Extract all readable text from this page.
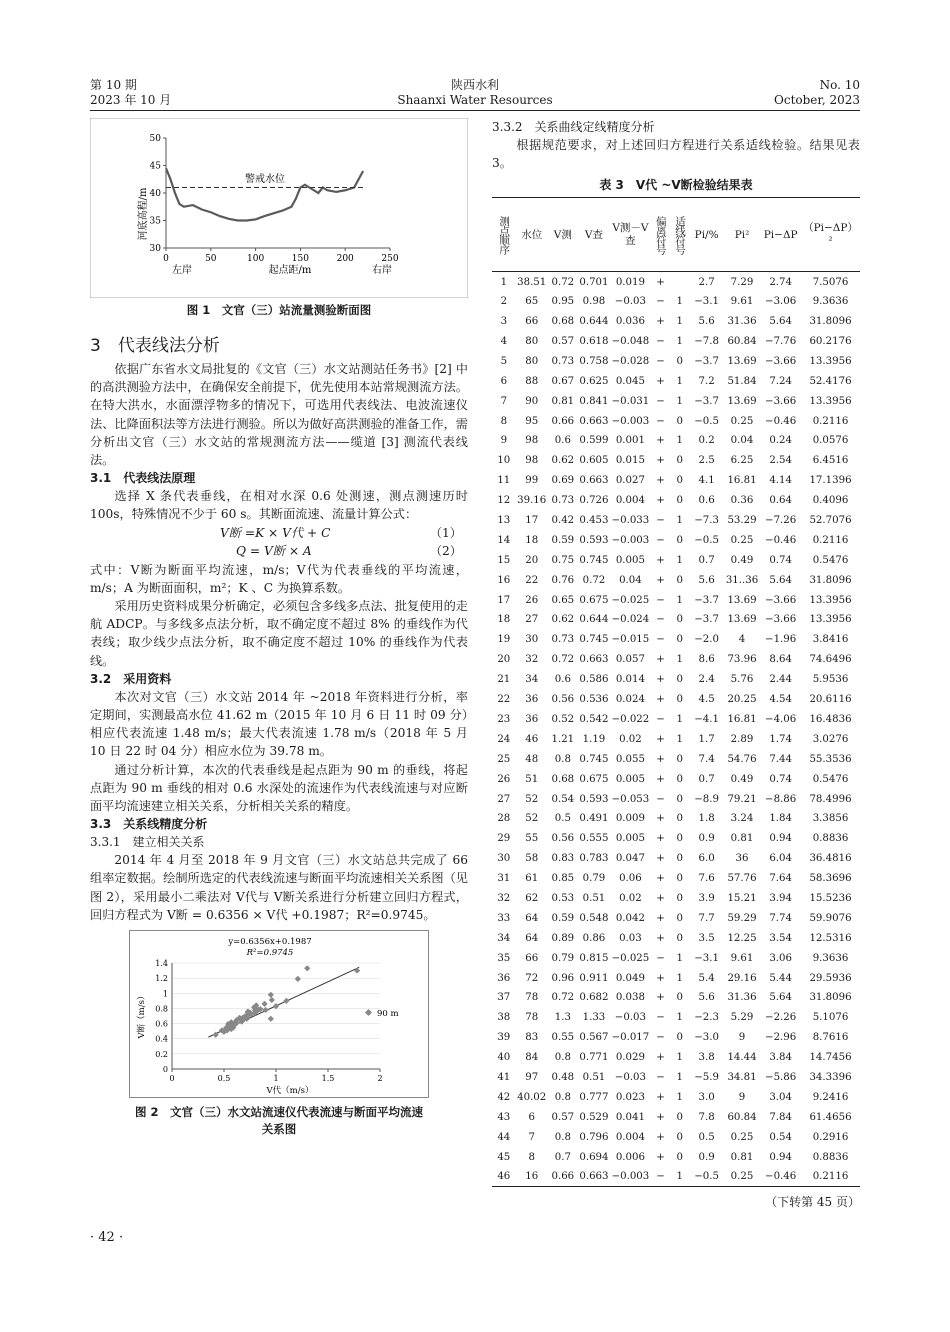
第 10 期
2023 年 10 月
陕西水利
Shaanxi Water Resources
No. 10
October, 2023
河底高程/m
起点距/m
左岸	右岸
警戒水位
30
35
40
45
50
0	50	100	150	200	250
图 1　文官（三）站流量测验断面图
3　代表线法分析

依据广东省水文局批复的《文官（三）水文站测站任务书》[2] 中的高洪测验方法中，在确保安全前提下，优先使用本站常规测流方法。在特大洪水，水面漂浮物多的情况下，可选用代表线法、电波流速仪法、比降面积法等方法进行测验。所以为做好高洪测验的准备工作，需分析出文官（三）水文站的常规测流方法——缆道 [3] 测流代表线法。

3.1　代表线法原理

选择 X 条代表垂线，在相对水深 0.6 处测速，测点测速历时 100s，特殊情况不少于 60 s。其断面流速、流量计算公式：

V断 =K × V代 + C	（1）
Q = V断 × A	（2）

式中：V断为断面平均流速，m/s；V代为代表垂线的平均流速，m/s；A 为断面面积，m²；K 、C 为换算系数。

采用历史资料成果分析确定，必须包含多线多点法、批复使用的走航 ADCP。与多线多点法分析，取不确定度不超过 8% 的垂线作为代表线；取少线少点法分析，取不确定度不超过 10% 的垂线作为代表线。

3.2　采用资料

本次对文官（三）水文站 2014 年 ~2018 年资料进行分析，率定期间，实测最高水位 41.62 m（2015 年 10 月 6 日 11 时 09 分）相应代表流速 1.48 m/s；最大代表流速 1.78 m/s（2018 年 5 月 10 日 22 时 04 分）相应水位为 39.78 m。

通过分析计算，本次的代表垂线是起点距为 90 m 的垂线，将起点距为 90 m 垂线的相对 0.6 水深处的流速作为代表线流速与对应断面平均流速建立相关关系，分析相关关系的精度。

3.3　关系线精度分析
3.3.1　建立相关关系

2014 年 4 月至 2018 年 9 月文官（三）水文站总共完成了 66 组率定数据。绘制所选定的代表线流速与断面平均流速相关关系图（见图 2），采用最小二乘法对 V代与 V断关系进行分析建立回归方程式，回归方程式为 V断 = 0.6356 × V代 +0.1987；R²=0.9745。

y=0.6356x+0.1987
R²=0.9745
V断（m/s）
V代（m/s）
90 m
0
0.2
0.4
0.6
0.8
1
1.2
1.4
0	0.5	1	1.5	2
图 2　文官（三）水文站流速仪代表流速与断面平均流速
关系图
3.3.2　关系曲线定线精度分析

根据规范要求，对上述回归方程进行关系适线检验。结果见表 3。

表 3　V代 ~V断检验结果表
测点顺序	水位	V测	V查	V测－V查	偏离符号	适线符号	Pi/%	Pi²	Pi−ΔP	（Pi−ΔP）²
1	38.51	0.72	0.701	0.019	+		2.7	7.29	2.74	7.5076
2	65	0.95	0.98	−0.03	−	1	−3.1	9.61	−3.06	9.3636
3	66	0.68	0.644	0.036	+	1	5.6	31.36	5.64	31.8096
4	80	0.57	0.618	−0.048	−	1	−7.8	60.84	−7.76	60.2176
5	80	0.73	0.758	−0.028	−	0	−3.7	13.69	−3.66	13.3956
6	88	0.67	0.625	0.045	+	1	7.2	51.84	7.24	52.4176
7	90	0.81	0.841	−0.031	−	1	−3.7	13.69	−3.66	13.3956
8	95	0.66	0.663	−0.003	−	0	−0.5	0.25	−0.46	0.2116
9	98	0.6	0.599	0.001	+	1	0.2	0.04	0.24	0.0576
10	98	0.62	0.605	0.015	+	0	2.5	6.25	2.54	6.4516
11	99	0.69	0.663	0.027	+	0	4.1	16.81	4.14	17.1396
12	39.16	0.73	0.726	0.004	+	0	0.6	0.36	0.64	0.4096
13	17	0.42	0.453	−0.033	−	1	−7.3	53.29	−7.26	52.7076
14	18	0.59	0.593	−0.003	−	0	−0.5	0.25	−0.46	0.2116
15	20	0.75	0.745	0.005	+	1	0.7	0.49	0.74	0.5476
16	22	0.76	0.72	0.04	+	0	5.6	31..36	5.64	31.8096
17	26	0.65	0.675	−0.025	−	1	−3.7	13.69	−3.66	13.3956
18	27	0.62	0.644	−0.024	−	0	−3.7	13.69	−3.66	13.3956
19	30	0.73	0.745	−0.015	−	0	−2.0	4	−1.96	3.8416
20	32	0.72	0.663	0.057	+	1	8.6	73.96	8.64	74.6496
21	34	0.6	0.586	0.014	+	0	2.4	5.76	2.44	5.9536
22	36	0.56	0.536	0.024	+	0	4.5	20.25	4.54	20.6116
23	36	0.52	0.542	−0.022	−	1	−4.1	16.81	−4.06	16.4836
24	46	1.21	1.19	0.02	+	1	1.7	2.89	1.74	3.0276
25	48	0.8	0.745	0.055	+	0	7.4	54.76	7.44	55.3536
26	51	0.68	0.675	0.005	+	0	0.7	0.49	0.74	0.5476
27	52	0.54	0.593	−0.053	−	0	−8.9	79.21	−8.86	78.4996
28	52	0.5	0.491	0.009	+	0	1.8	3.24	1.84	3.3856
29	55	0.56	0.555	0.005	+	0	0.9	0.81	0.94	0.8836
30	58	0.83	0.783	0.047	+	0	6.0	36	6.04	36.4816
31	61	0.85	0.79	0.06	+	0	7.6	57.76	7.64	58.3696
32	62	0.53	0.51	0.02	+	0	3.9	15.21	3.94	15.5236
33	64	0.59	0.548	0.042	+	0	7.7	59.29	7.74	59.9076
34	64	0.89	0.86	0.03	+	0	3.5	12.25	3.54	12.5316
35	66	0.79	0.815	−0.025	−	1	−3.1	9.61	3.06	9.3636
36	72	0.96	0.911	0.049	+	1	5.4	29.16	5.44	29.5936
37	78	0.72	0.682	0.038	+	0	5.6	31.36	5.64	31.8096
38	78	1.3	1.33	−0.03	−	1	−2.3	5.29	−2.26	5.1076
39	83	0.55	0.567	−0.017	−	0	−3.0	9	−2.96	8.7616
40	84	0.8	0.771	0.029	+	1	3.8	14.44	3.84	14.7456
41	97	0.48	0.51	−0.03	−	1	−5.9	34.81	−5.86	34.3396
42	40.02	0.8	0.777	0.023	+	1	3.0	9	3.04	9.2416
43	6	0.57	0.529	0.041	+	0	7.8	60.84	7.84	61.4656
44	7	0.8	0.796	0.004	+	0	0.5	0.25	0.54	0.2916
45	8	0.7	0.694	0.006	+	0	0.9	0.81	0.94	0.8836
46	16	0.66	0.663	−0.003	−	1	−0.5	0.25	−0.46	0.2116
（下转第 45 页）
· 42 ·
